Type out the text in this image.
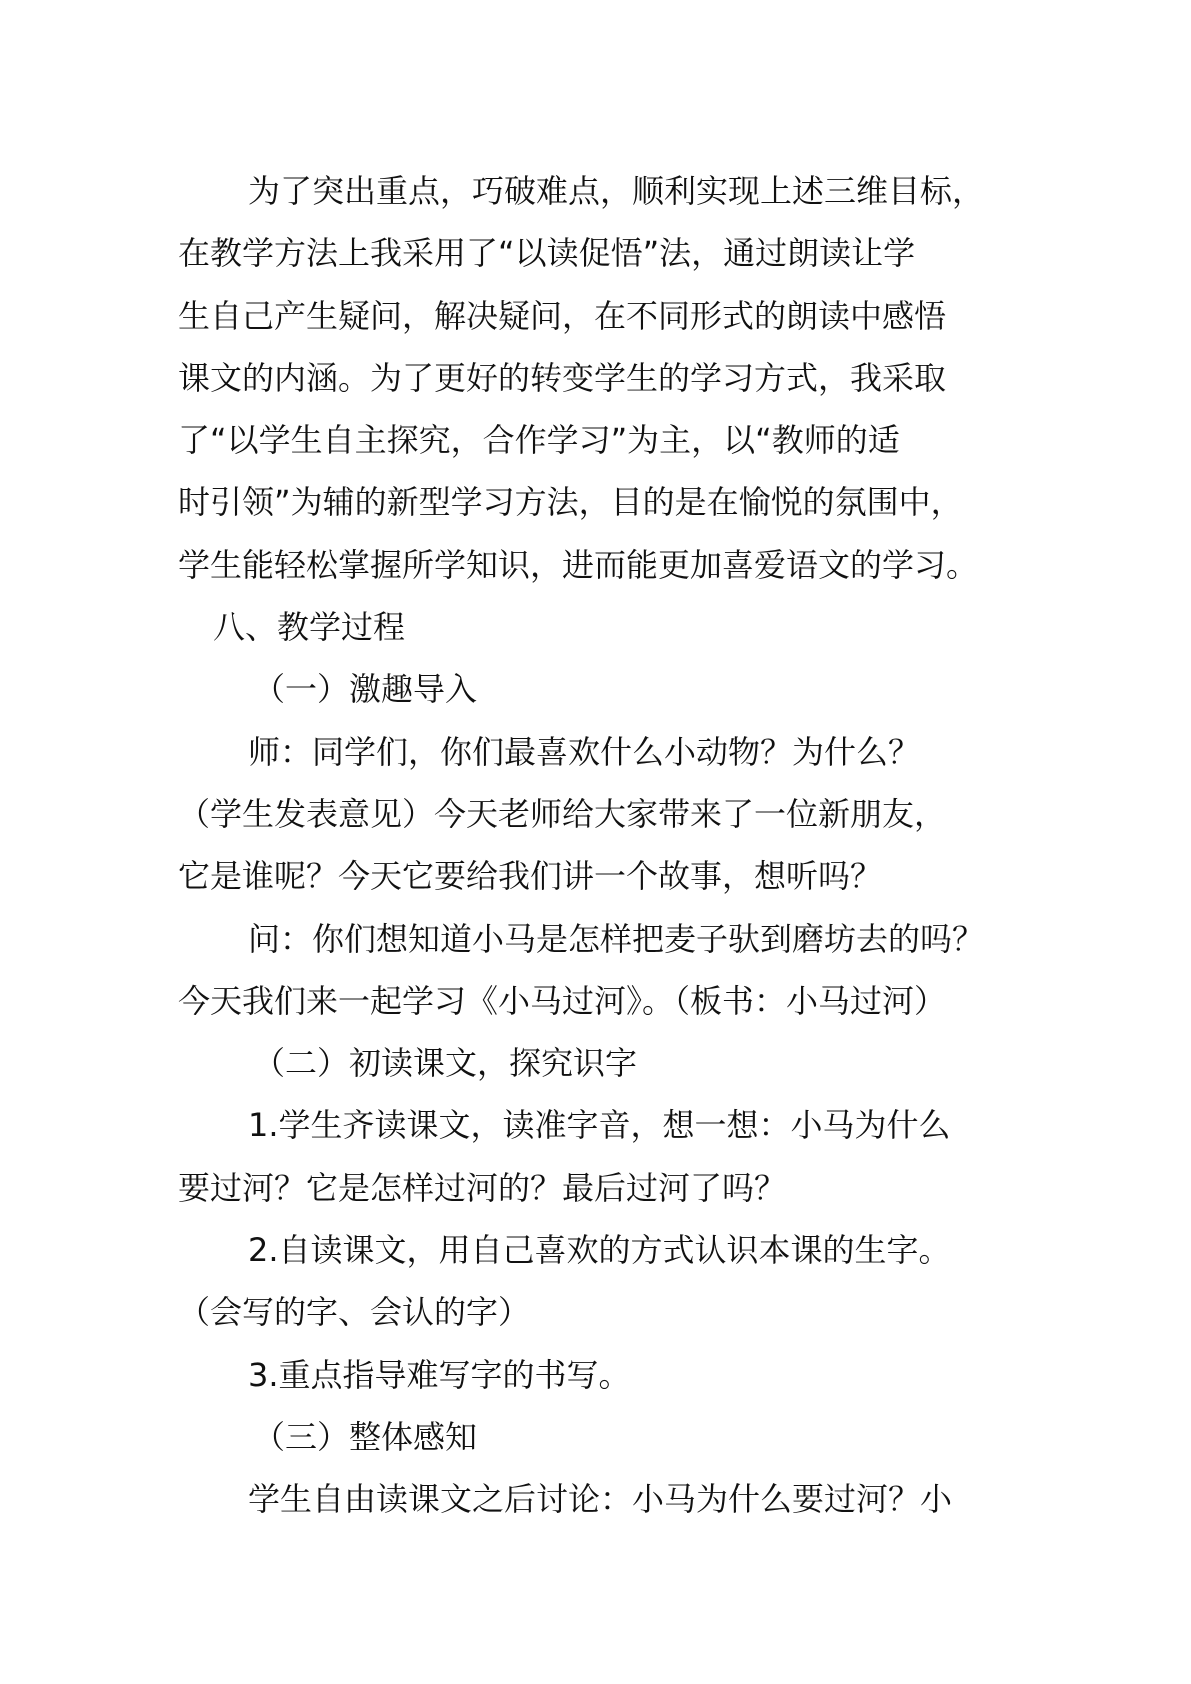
为了突出重点，巧破难点，顺利实现上述三维目标，
在教学方法上我采用了“以读促悟”法，通过朗读让学
生自己产生疑问，解决疑问，在不同形式的朗读中感悟
课文的内涵。为了更好的转变学生的学习方式，我采取
了“以学生自主探究，合作学习”为主，以“教师的适
时引领”为辅的新型学习方法，目的是在愉悦的氛围中，
学生能轻松掌握所学知识，进而能更加喜爱语文的学习。
八、教学过程
（一）激趣导入
师：同学们，你们最喜欢什么小动物？为什么？
（学生发表意见）今天老师给大家带来了一位新朋友，
它是谁呢？今天它要给我们讲一个故事，想听吗？
问：你们想知道小马是怎样把麦子驮到磨坊去的吗？
今天我们来一起学习《小马过河》。（板书：小马过河）
（二）初读课文，探究识字
1.学生齐读课文，读准字音，想一想：小马为什么
要过河？它是怎样过河的？最后过河了吗？
2.自读课文，用自己喜欢的方式认识本课的生字。
（会写的字、会认的字）
3.重点指导难写字的书写。
（三）整体感知
学生自由读课文之后讨论：小马为什么要过河？小
